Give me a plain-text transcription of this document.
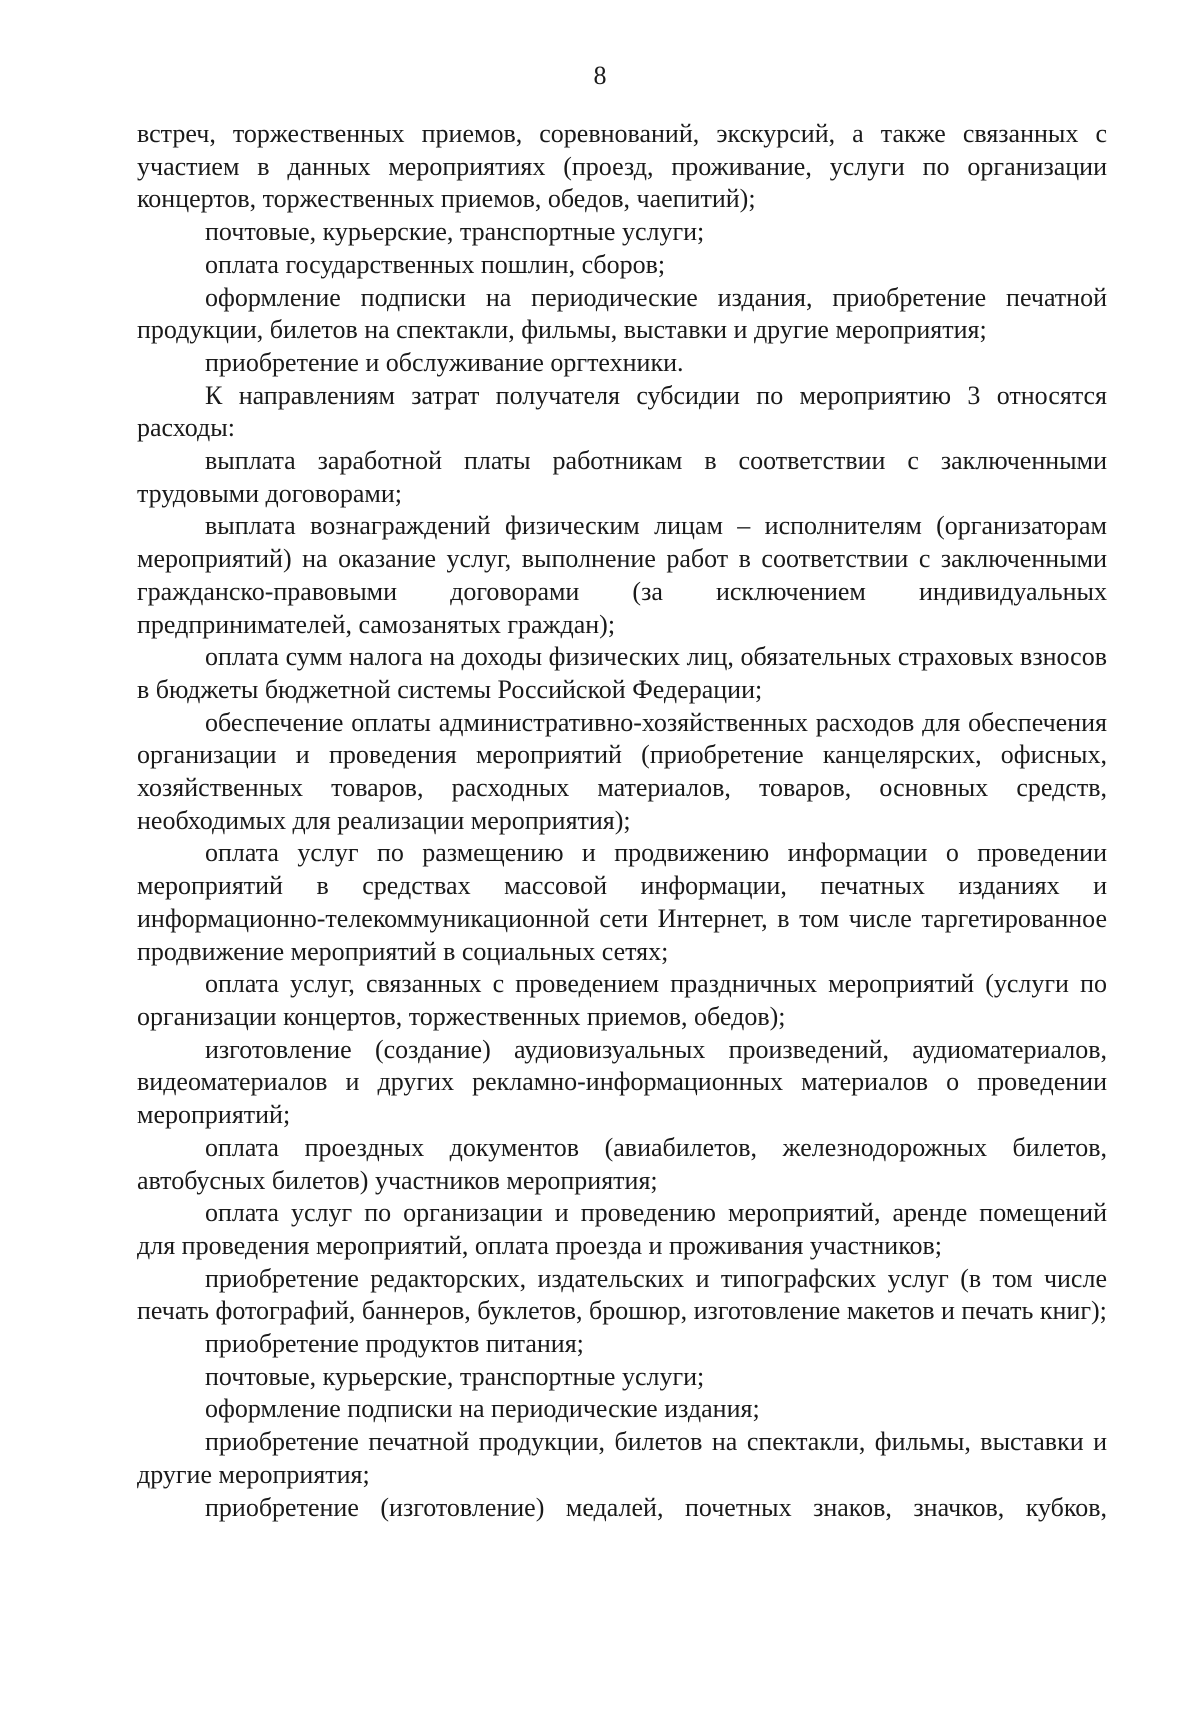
8

встреч, торжественных приемов, соревнований, экскурсий, а также связанных с участием в данных мероприятиях (проезд, проживание, услуги по организации концертов, торжественных приемов, обедов, чаепитий);

почтовые, курьерские, транспортные услуги;

оплата государственных пошлин, сборов;

оформление подписки на периодические издания, приобретение печатной продукции, билетов на спектакли, фильмы, выставки и другие мероприятия;

приобретение и обслуживание оргтехники.

К направлениям затрат получателя субсидии по мероприятию 3 относятся расходы:

выплата заработной платы работникам в соответствии с заключенными трудовыми договорами;

выплата вознаграждений физическим лицам – исполнителям (организаторам мероприятий) на оказание услуг, выполнение работ в соответствии с заключенными гражданско-правовыми договорами (за исключением индивидуальных предпринимателей, самозанятых граждан);

оплата сумм налога на доходы физических лиц, обязательных страховых взносов в бюджеты бюджетной системы Российской Федерации;

обеспечение оплаты административно-хозяйственных расходов для обеспечения организации и проведения мероприятий (приобретение канцелярских, офисных, хозяйственных товаров, расходных материалов, товаров, основных средств, необходимых для реализации мероприятия);

оплата услуг по размещению и продвижению информации о проведении мероприятий в средствах массовой информации, печатных изданиях и информационно-телекоммуникационной сети Интернет, в том числе таргетированное продвижение мероприятий в социальных сетях;

оплата услуг, связанных с проведением праздничных мероприятий (услуги по организации концертов, торжественных приемов, обедов);

изготовление (создание) аудиовизуальных произведений, аудиоматериалов, видеоматериалов и других рекламно-информационных материалов о проведении мероприятий;

оплата проездных документов (авиабилетов, железнодорожных билетов, автобусных билетов) участников мероприятия;

оплата услуг по организации и проведению мероприятий, аренде помещений для проведения мероприятий, оплата проезда и проживания участников;

приобретение редакторских, издательских и типографских услуг (в том числе печать фотографий, баннеров, буклетов, брошюр, изготовление макетов и печать книг);

приобретение продуктов питания;

почтовые, курьерские, транспортные услуги;

оформление подписки на периодические издания;

приобретение печатной продукции, билетов на спектакли, фильмы, выставки и другие мероприятия;

приобретение (изготовление) медалей, почетных знаков, значков, кубков,
